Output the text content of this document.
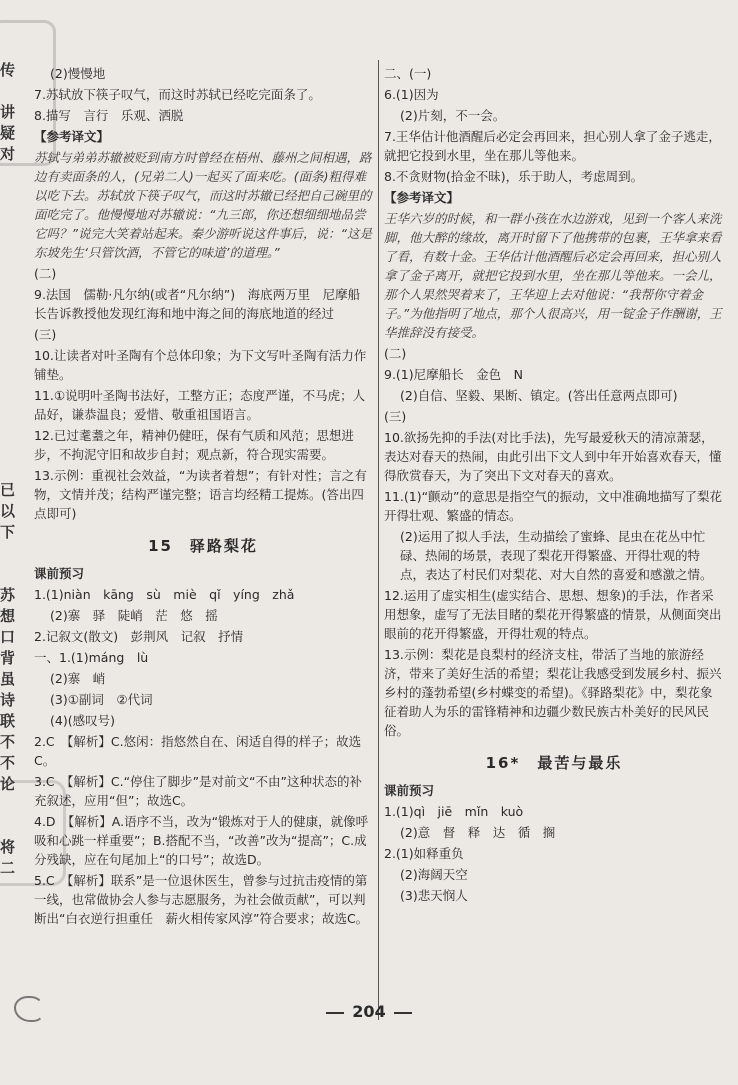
传
讲
疑
对
已
以
下
苏
想
口
背
虽
诗
联
不
不
论
将
二
(2)慢慢地
7.苏轼放下筷子叹气，而这时苏轼已经吃完面条了。
8.描写　言行　乐观、洒脱
【参考译文】
苏轼与弟弟苏辙被贬到南方时曾经在梧州、藤州之间相遇，路边有卖面条的人，(兄弟二人)一起买了面来吃。(面条)粗得难以吃下去。苏轼放下筷子叹气，而这时苏辙已经把自己碗里的面吃完了。他慢慢地对苏辙说：“九三郎，你还想细细地品尝它吗？”说完大笑着站起来。秦少游听说这件事后，说：“这是东坡先生‘只管饮酒，不管它的味道’的道理。”
(二)
9.法国　儒勒·凡尔纳(或者“凡尔纳”)　海底两万里　尼摩船长告诉教授他发现红海和地中海之间的海底地道的经过
(三)
10.让读者对叶圣陶有个总体印象；为下文写叶圣陶有活力作铺垫。
11.①说明叶圣陶书法好，工整方正；态度严谨，不马虎；人品好，谦恭温良；爱惜、敬重祖国语言。
12.已过耄耋之年，精神仍健旺，保有气质和风范；思想进步，不拘泥守旧和故步自封；观点新，符合现实需要。
13.示例：重视社会效益，“为读者着想”；有针对性；言之有物，文情并茂；结构严谨完整；语言均经精工提炼。(答出四点即可)
15　驿路梨花
课前预习
1.(1)niàn　kāng　sù　miè　qǐ　yíng　zhǎ
(2)寨　驿　陡峭　茫　悠　摇
2.记叙文(散文)　彭荆风　记叙　抒情
一、1.(1)máng　lù
(2)寨　峭
(3)①副词　②代词
(4)(感叹号)
2.C　【解析】C.悠闲：指悠然自在、闲适自得的样子；故选C。
3.C　【解析】C.“停住了脚步”是对前文“不由”这种状态的补充叙述，应用“但”；故选C。
4.D　【解析】A.语序不当，改为“锻炼对于人的健康，就像呼吸和心跳一样重要”；B.搭配不当，“改善”改为“提高”；C.成分残缺，应在句尾加上“的口号”；故选D。
5.C　【解析】联系”是一位退休医生，曾参与过抗击疫情的第一线，也常做协会人参与志愿服务，为社会做贡献”，可以判断出“白衣逆行担重任　薪火相传家风淳”符合要求；故选C。
二、(一)
6.(1)因为
(2)片刻，不一会。
7.王华估计他酒醒后必定会再回来，担心别人拿了金子逃走，就把它投到水里，坐在那儿等他来。
8.不贪财物(拾金不昧)，乐于助人，考虑周到。
【参考译文】
王华六岁的时候，和一群小孩在水边游戏，见到一个客人来洗脚，他大醉的缘故，离开时留下了他携带的包裹，王华拿来看了看，有数十金。王华估计他酒醒后必定会再回来，担心别人拿了金子离开，就把它投到水里，坐在那儿等他来。一会儿，那个人果然哭着来了，王华迎上去对他说：“我帮你守着金子。”为他指明了地点，那个人很高兴，用一锭金子作酬谢，王华推辞没有接受。
(二)
9.(1)尼摩船长　金色　N
(2)自信、坚毅、果断、镇定。(答出任意两点即可)
(三)
10.欲扬先抑的手法(对比手法)，先写最爱秋天的清凉萧瑟，表达对春天的热闹，由此引出下文人到中年开始喜欢春天，懂得欣赏春天，为了突出下文对春天的喜欢。
11.(1)“颤动”的意思是指空气的振动，文中准确地描写了梨花开得壮观、繁盛的情态。
(2)运用了拟人手法，生动描绘了蜜蜂、昆虫在花丛中忙碌、热闹的场景，表现了梨花开得繁盛、开得壮观的特点，表达了村民们对梨花、对大自然的喜爱和感激之情。
12.运用了虚实相生(虚实结合、思想、想象)的手法，作者采用想象，虚写了无法目睹的梨花开得繁盛的情景，从侧面突出眼前的花开得繁盛，开得壮观的特点。
13.示例：梨花是良梨村的经济支柱，带活了当地的旅游经济，带来了美好生活的希望；梨花让我感受到发展乡村、振兴乡村的蓬勃希望(乡村蝶变的希望)。《驿路梨花》中，梨花象征着助人为乐的雷锋精神和边疆少数民族古朴美好的民风民俗。
16*　最苦与最乐
课前预习
1.(1)qì　jiē　mǐn　kuò
(2)意　督　释　达　循　搁
2.(1)如释重负
(2)海阔天空
(3)悲天悯人
204
